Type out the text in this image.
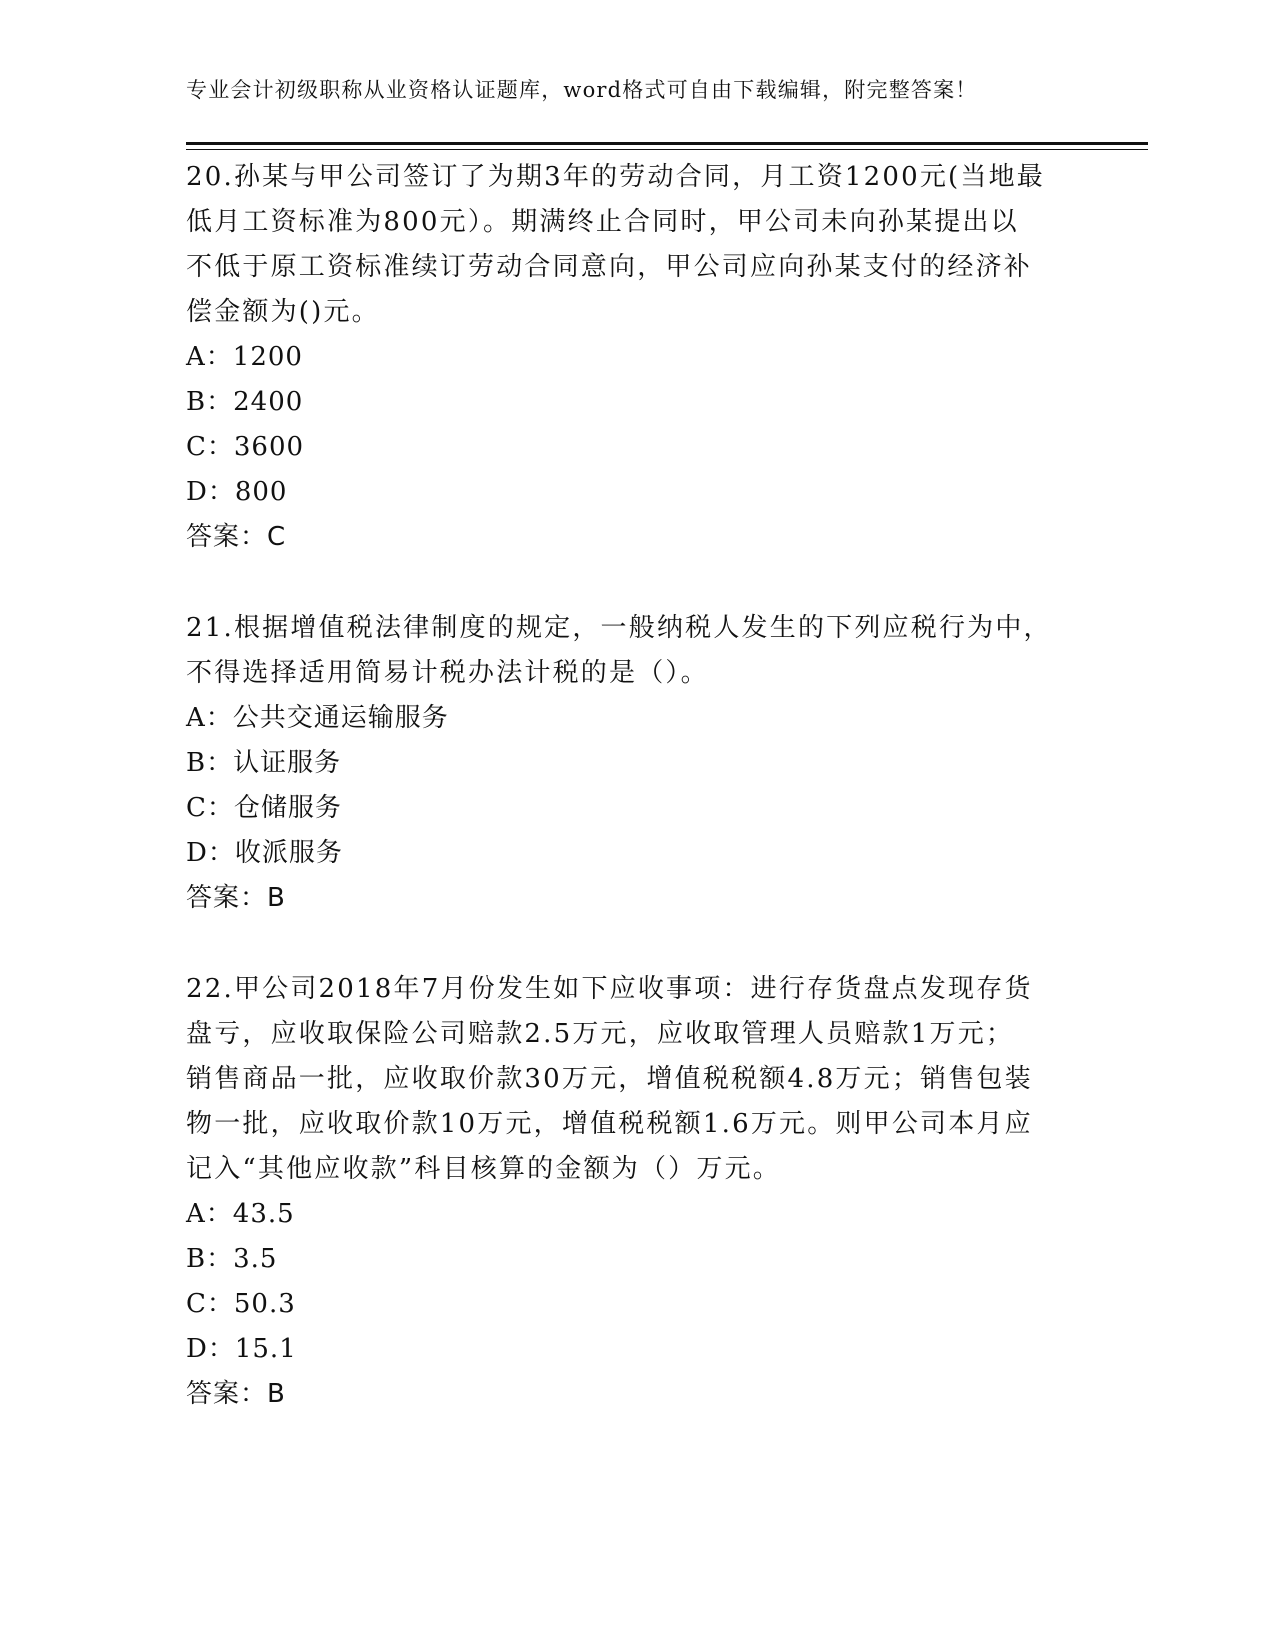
专业会计初级职称从业资格认证题库，word格式可自由下载编辑，附完整答案！

20.孙某与甲公司签订了为期3年的劳动合同，月工资1200元(当地最

低月工资标准为800元）。期满终止合同时，甲公司未向孙某提出以

不低于原工资标准续订劳动合同意向，甲公司应向孙某支付的经济补

偿金额为()元。

A：1200

B：2400

C：3600

D：800

答案：C

21.根据增值税法律制度的规定，一般纳税人发生的下列应税行为中，

不得选择适用简易计税办法计税的是（）。

A：公共交通运输服务

B：认证服务

C：仓储服务

D：收派服务

答案：B

22.甲公司2018年7月份发生如下应收事项：进行存货盘点发现存货

盘亏，应收取保险公司赔款2.5万元，应收取管理人员赔款1万元；

销售商品一批，应收取价款30万元，增值税税额4.8万元；销售包装

物一批，应收取价款10万元，增值税税额1.6万元。则甲公司本月应

记入“其他应收款”科目核算的金额为（）万元。

A：43.5

B：3.5

C：50.3

D：15.1

答案：B
